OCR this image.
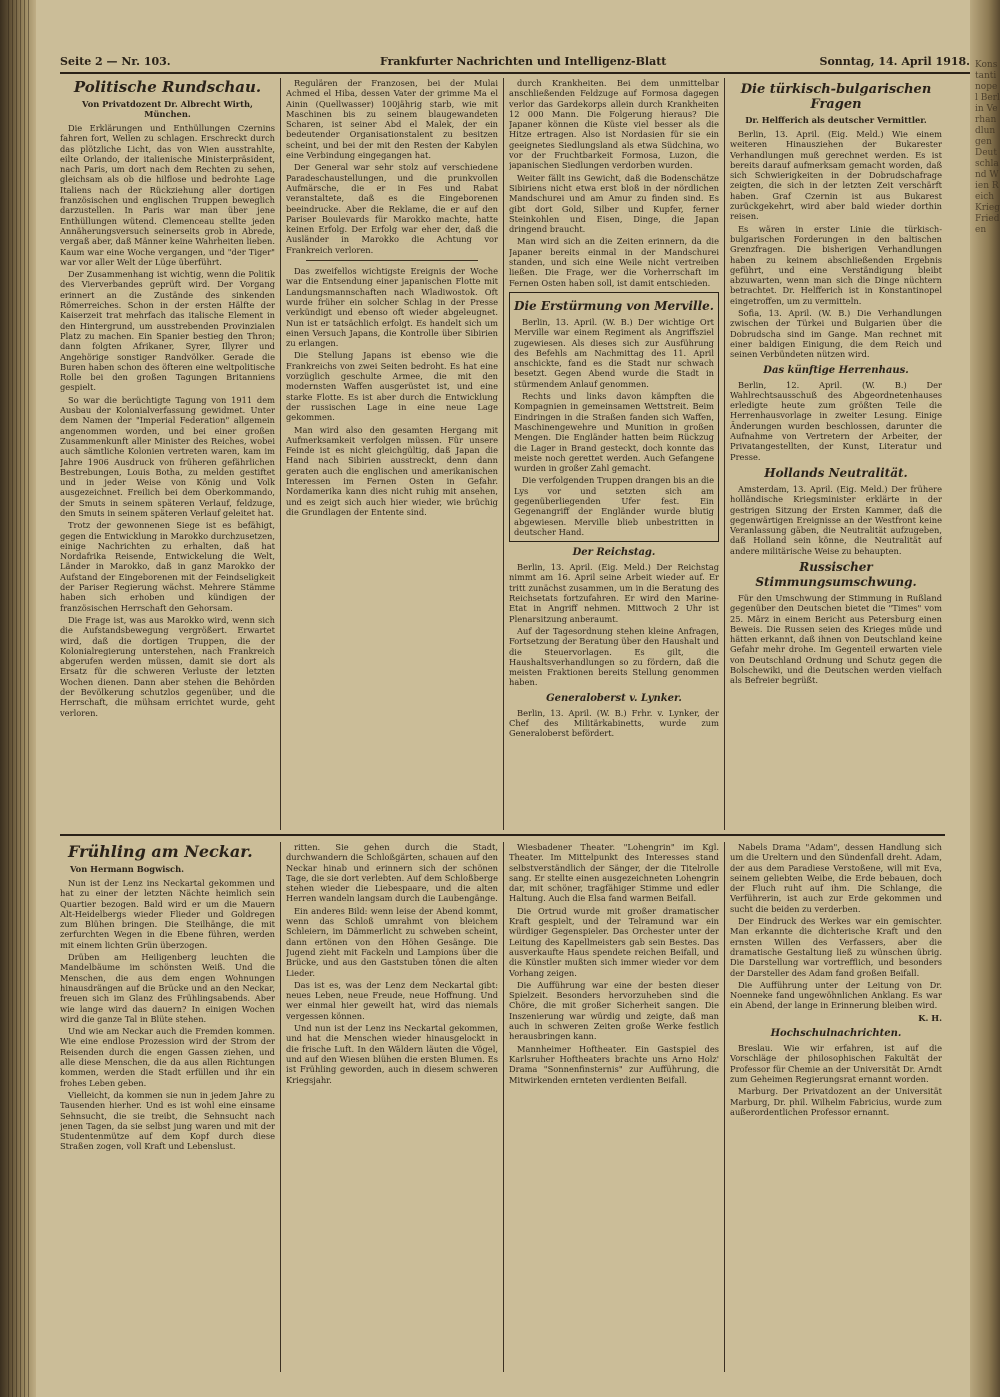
Konstantinopel Berlin Verhandlungen Deutschland Wien Reich Krieg Frieden
Seite 2 — Nr. 103.	Frankfurter Nachrichten und Intelligenz-Blatt	Sonntag, 14. April 1918.
Politische Rundschau.
Von Privatdozent Dr. Albrecht Wirth, München.

Die Erklärungen und Enthüllungen Czernins fahren fort, Wellen zu schlagen. Erschreckt durch das plötzliche Licht, das von Wien ausstrahlte, eilte Orlando, der italienische Ministerpräsident, nach Paris, um dort nach dem Rechten zu sehen, gleichsam als ob die hilflose und bedrohte Lage Italiens nach der Rückziehung aller dortigen französischen und englischen Truppen beweglich darzustellen. In Paris war man über jene Enthüllungen wütend. Clemenceau stellte jeden Annäherungsversuch seinerseits grob in Abrede, vergaß aber, daß Männer keine Wahrheiten lieben. Kaum war eine Woche vergangen, und "der Tiger" war vor aller Welt der Lüge überführt.

Der Zusammenhang ist wichtig, wenn die Politik des Vierverbandes geprüft wird. Der Vorgang erinnert an die Zustände des sinkenden Römerreiches. Schon in der ersten Hälfte der Kaiserzeit trat mehrfach das italische Element in den Hintergrund, um ausstrebenden Provinzialen Platz zu machen. Ein Spanier bestieg den Thron; dann folgten Afrikaner, Syrer, Illyrer und Angehörige sonstiger Randvölker. Gerade die Buren haben schon des öfteren eine weltpolitische Rolle bei den großen Tagungen Britanniens gespielt.

So war die berüchtigte Tagung von 1911 dem Ausbau der Kolonialverfassung gewidmet. Unter dem Namen der "Imperial Federation" allgemein angenommen worden, und bei einer großen Zusammenkunft aller Minister des Reiches, wobei auch sämtliche Kolonien vertreten waren, kam im Jahre 1906 Ausdruck von früheren gefährlichen Bestrebungen, Louis Botha, zu melden gestiftet und in jeder Weise von König und Volk ausgezeichnet. Freilich bei dem Oberkommando, der Smuts in seinem späteren Verlauf, feldzuge, den Smuts in seinem späteren Verlauf geleitet hat.

Trotz der gewonnenen Siege ist es befähigt, gegen die Entwicklung in Marokko durchzusetzen, einige Nachrichten zu erhalten, daß hat Nordafrika Reisende, Entwickelung die Welt, Länder in Marokko, daß in ganz Marokko der Aufstand der Eingeborenen mit der Feindseligkeit der Pariser Regierung wächst. Mehrere Stämme haben sich erhoben und kündigen der französischen Herrschaft den Gehorsam.

Die Frage ist, was aus Marokko wird, wenn sich die Aufstandsbewegung vergrößert. Erwartet wird, daß die dortigen Truppen, die der Kolonialregierung unterstehen, nach Frankreich abgerufen werden müssen, damit sie dort als Ersatz für die schweren Verluste der letzten Wochen dienen. Dann aber stehen die Behörden der Bevölkerung schutzlos gegenüber, und die Herrschaft, die mühsam errichtet wurde, geht verloren.

Regulären der Franzosen, bei der Mulai Achmed el Hiba, dessen Vater der grimme Ma el Ainin (Quellwasser) 100jährig starb, wie mit Maschinen bis zu seinem blaugewandeten Scharen, ist seiner Abd el Malek, der ein bedeutender Organisationstalent zu besitzen scheint, und bei der mit den Resten der Kabylen eine Verbindung eingegangen hat.

Der General war sehr stolz auf verschiedene Paradeschaustellungen, und die prunkvollen Aufmärsche, die er in Fes und Rabat veranstaltete, daß es die Eingeborenen beeindrucke. Aber die Reklame, die er auf den Pariser Boulevards für Marokko machte, hatte keinen Erfolg. Der Erfolg war eher der, daß die Ausländer in Marokko die Achtung vor Frankreich verloren.

Das zweifellos wichtigste Ereignis der Woche war die Entsendung einer japanischen Flotte mit Landungsmannschaften nach Wladiwostok. Oft wurde früher ein solcher Schlag in der Presse verkündigt und ebenso oft wieder abgeleugnet. Nun ist er tatsächlich erfolgt. Es handelt sich um einen Versuch Japans, die Kontrolle über Sibirien zu erlangen.

Die Stellung Japans ist ebenso wie die Frankreichs von zwei Seiten bedroht. Es hat eine vorzüglich geschulte Armee, die mit den modernsten Waffen ausgerüstet ist, und eine starke Flotte. Es ist aber durch die Entwicklung der russischen Lage in eine neue Lage gekommen.

Man wird also den gesamten Hergang mit Aufmerksamkeit verfolgen müssen. Für unsere Feinde ist es nicht gleichgültig, daß Japan die Hand nach Sibirien ausstreckt, denn dann geraten auch die englischen und amerikanischen Interessen im Fernen Osten in Gefahr. Nordamerika kann dies nicht ruhig mit ansehen, und es zeigt sich auch hier wieder, wie brüchig die Grundlagen der Entente sind.

durch Krankheiten. Bei dem unmittelbar anschließenden Feldzuge auf Formosa dagegen verlor das Gardekorps allein durch Krankheiten 12 000 Mann. Die Folgerung hieraus? Die Japaner können die Küste viel besser als die Hitze ertragen. Also ist Nordasien für sie ein geeignetes Siedlungsland als etwa Südchina, wo vor der Fruchtbarkeit Formosa, Luzon, die japanischen Siedlungen verdorben wurden.

Weiter fällt ins Gewicht, daß die Bodenschätze Sibiriens nicht etwa erst bloß in der nördlichen Mandschurei und am Amur zu finden sind. Es gibt dort Gold, Silber und Kupfer, ferner Steinkohlen und Eisen, Dinge, die Japan dringend braucht.

Man wird sich an die Zeiten erinnern, da die Japaner bereits einmal in der Mandschurei standen, und sich eine Weile nicht vertreiben ließen. Die Frage, wer die Vorherrschaft im Fernen Osten haben soll, ist damit entschieden.

Die Erstürmung von Merville.

Berlin, 13. April. (W. B.) Der wichtige Ort Merville war einem Regiment als Angriffsziel zugewiesen. Als dieses sich zur Ausführung des Befehls am Nachmittag des 11. April anschickte, fand es die Stadt nur schwach besetzt. Gegen Abend wurde die Stadt in stürmendem Anlauf genommen.

Rechts und links davon kämpften die Kompagnien in gemeinsamen Wettstreit. Beim Eindringen in die Straßen fanden sich Waffen, Maschinengewehre und Munition in großen Mengen. Die Engländer hatten beim Rückzug die Lager in Brand gesteckt, doch konnte das meiste noch gerettet werden. Auch Gefangene wurden in großer Zahl gemacht.

Die verfolgenden Truppen drangen bis an die Lys vor und setzten sich am gegenüberliegenden Ufer fest. Ein Gegenangriff der Engländer wurde blutig abgewiesen. Merville blieb unbestritten in deutscher Hand.

Der Reichstag.

Berlin, 13. April. (Eig. Meld.) Der Reichstag nimmt am 16. April seine Arbeit wieder auf. Er tritt zunächst zusammen, um in die Beratung des Reichsetats fortzufahren. Er wird den Marine-Etat in Angriff nehmen. Mittwoch 2 Uhr ist Plenarsitzung anberaumt.

Auf der Tagesordnung stehen kleine Anfragen, Fortsetzung der Beratung über den Haushalt und die Steuervorlagen. Es gilt, die Haushaltsverhandlungen so zu fördern, daß die meisten Fraktionen bereits Stellung genommen haben.

Generaloberst v. Lynker.

Berlin, 13. April. (W. B.) Frhr. v. Lynker, der Chef des Militärkabinetts, wurde zum Generaloberst befördert.

Die türkisch-bulgarischen Fragen
Dr. Helfferich als deutscher Vermittler.

Berlin, 13. April. (Eig. Meld.) Wie einem weiteren Hinausziehen der Bukarester Verhandlungen muß gerechnet werden. Es ist bereits darauf aufmerksam gemacht worden, daß sich Schwierigkeiten in der Dobrudschafrage zeigten, die sich in der letzten Zeit verschärft haben. Graf Czernin ist aus Bukarest zurückgekehrt, wird aber bald wieder dorthin reisen.

Es wären in erster Linie die türkisch-bulgarischen Forderungen in den baltischen Grenzfragen. Die bisherigen Verhandlungen haben zu keinem abschließenden Ergebnis geführt, und eine Verständigung bleibt abzuwarten, wenn man sich die Dinge nüchtern betrachtet. Dr. Helfferich ist in Konstantinopel eingetroffen, um zu vermitteln.

Sofia, 13. April. (W. B.) Die Verhandlungen zwischen der Türkei und Bulgarien über die Dobrudscha sind im Gange. Man rechnet mit einer baldigen Einigung, die dem Reich und seinen Verbündeten nützen wird.

Das künftige Herrenhaus.

Berlin, 12. April. (W. B.) Der Wahlrechtsausschuß des Abgeordnetenhauses erledigte heute zum größten Teile die Herrenhausvorlage in zweiter Lesung. Einige Änderungen wurden beschlossen, darunter die Aufnahme von Vertretern der Arbeiter, der Privatangestellten, der Kunst, Literatur und Presse.

Hollands Neutralität.

Amsterdam, 13. April. (Eig. Meld.) Der frühere holländische Kriegsminister erklärte in der gestrigen Sitzung der Ersten Kammer, daß die gegenwärtigen Ereignisse an der Westfront keine Veranlassung gäben, die Neutralität aufzugeben, daß Holland sein könne, die Neutralität auf andere militärische Weise zu behaupten.

Russischer Stimmungsumschwung.

Für den Umschwung der Stimmung in Rußland gegenüber den Deutschen bietet die "Times" vom 25. März in einem Bericht aus Petersburg einen Beweis. Die Russen seien des Krieges müde und hätten erkannt, daß ihnen von Deutschland keine Gefahr mehr drohe. Im Gegenteil erwarten viele von Deutschland Ordnung und Schutz gegen die Bolschewiki, und die Deutschen werden vielfach als Befreier begrüßt.

Frühling am Neckar.
Von Hermann Bogwisch.

Nun ist der Lenz ins Neckartal gekommen und hat zu einer der letzten Nächte heimlich sein Quartier bezogen. Bald wird er um die Mauern Alt-Heidelbergs wieder Flieder und Goldregen zum Blühen bringen. Die Steilhänge, die mit zerfurchten Wegen in die Ebene führen, werden mit einem lichten Grün überzogen.

Drüben am Heiligenberg leuchten die Mandelbäume im schönsten Weiß. Und die Menschen, die aus dem engen Wohnungen hinausdrängen auf die Brücke und an den Neckar, freuen sich im Glanz des Frühlingsabends. Aber wie lange wird das dauern? In einigen Wochen wird die ganze Tal in Blüte stehen.

Und wie am Neckar auch die Fremden kommen. Wie eine endlose Prozession wird der Strom der Reisenden durch die engen Gassen ziehen, und alle diese Menschen, die da aus allen Richtungen kommen, werden die Stadt erfüllen und ihr ein frohes Leben geben.

Vielleicht, da kommen sie nun in jedem Jahre zu Tausenden hierher. Und es ist wohl eine einsame Sehnsucht, die sie treibt, die Sehnsucht nach jenen Tagen, da sie selbst jung waren und mit der Studentenmütze auf dem Kopf durch diese Straßen zogen, voll Kraft und Lebenslust.

ritten. Sie gehen durch die Stadt, durchwandern die Schloßgärten, schauen auf den Neckar hinab und erinnern sich der schönen Tage, die sie dort verlebten. Auf dem Schloßberge stehen wieder die Liebespaare, und die alten Herren wandeln langsam durch die Laubengänge.

Ein anderes Bild: wenn leise der Abend kommt, wenn das Schloß umrahmt von bleichem Schleiern, im Dämmerlicht zu schweben scheint, dann ertönen von den Höhen Gesänge. Die Jugend zieht mit Fackeln und Lampions über die Brücke, und aus den Gaststuben tönen die alten Lieder.

Das ist es, was der Lenz dem Neckartal gibt: neues Leben, neue Freude, neue Hoffnung. Und wer einmal hier geweilt hat, wird das niemals vergessen können.

Und nun ist der Lenz ins Neckartal gekommen, und hat die Menschen wieder hinausgelockt in die frische Luft. In den Wäldern läuten die Vögel, und auf den Wiesen blühen die ersten Blumen. Es ist Frühling geworden, auch in diesem schweren Kriegsjahr.

Wiesbadener Theater. "Lohengrin" im Kgl. Theater. Im Mittelpunkt des Interesses stand selbstverständlich der Sänger, der die Titelrolle sang. Er stellte einen ausgezeichneten Lohengrin dar, mit schöner, tragfähiger Stimme und edler Haltung. Auch die Elsa fand warmen Beifall.

Die Ortrud wurde mit großer dramatischer Kraft gespielt, und der Telramund war ein würdiger Gegenspieler. Das Orchester unter der Leitung des Kapellmeisters gab sein Bestes. Das ausverkaufte Haus spendete reichen Beifall, und die Künstler mußten sich immer wieder vor dem Vorhang zeigen.

Die Aufführung war eine der besten dieser Spielzeit. Besonders hervorzuheben sind die Chöre, die mit großer Sicherheit sangen. Die Inszenierung war würdig und zeigte, daß man auch in schweren Zeiten große Werke festlich herausbringen kann.

Mannheimer Hoftheater. Ein Gastspiel des Karlsruher Hoftheaters brachte uns Arno Holz' Drama "Sonnenfinsternis" zur Aufführung, die Mitwirkenden ernteten verdienten Beifall.

Nabels Drama "Adam", dessen Handlung sich um die Ureltern und den Sündenfall dreht. Adam, der aus dem Paradiese Verstoßene, will mit Eva, seinem geliebten Weibe, die Erde bebauen, doch der Fluch ruht auf ihm. Die Schlange, die Verführerin, ist auch zur Erde gekommen und sucht die beiden zu verderben.

Der Eindruck des Werkes war ein gemischter. Man erkannte die dichterische Kraft und den ernsten Willen des Verfassers, aber die dramatische Gestaltung ließ zu wünschen übrig. Die Darstellung war vortrefflich, und besonders der Darsteller des Adam fand großen Beifall.

Die Aufführung unter der Leitung von Dr. Noenneke fand ungewöhnlichen Anklang. Es war ein Abend, der lange in Erinnerung bleiben wird.

K. H.
Hochschulnachrichten.

Breslau. Wie wir erfahren, ist auf die Vorschläge der philosophischen Fakultät der Professor für Chemie an der Universität Dr. Arndt zum Geheimen Regierungsrat ernannt worden.

Marburg. Der Privatdozent an der Universität Marburg, Dr. phil. Wilhelm Fabricius, wurde zum außerordentlichen Professor ernannt.
